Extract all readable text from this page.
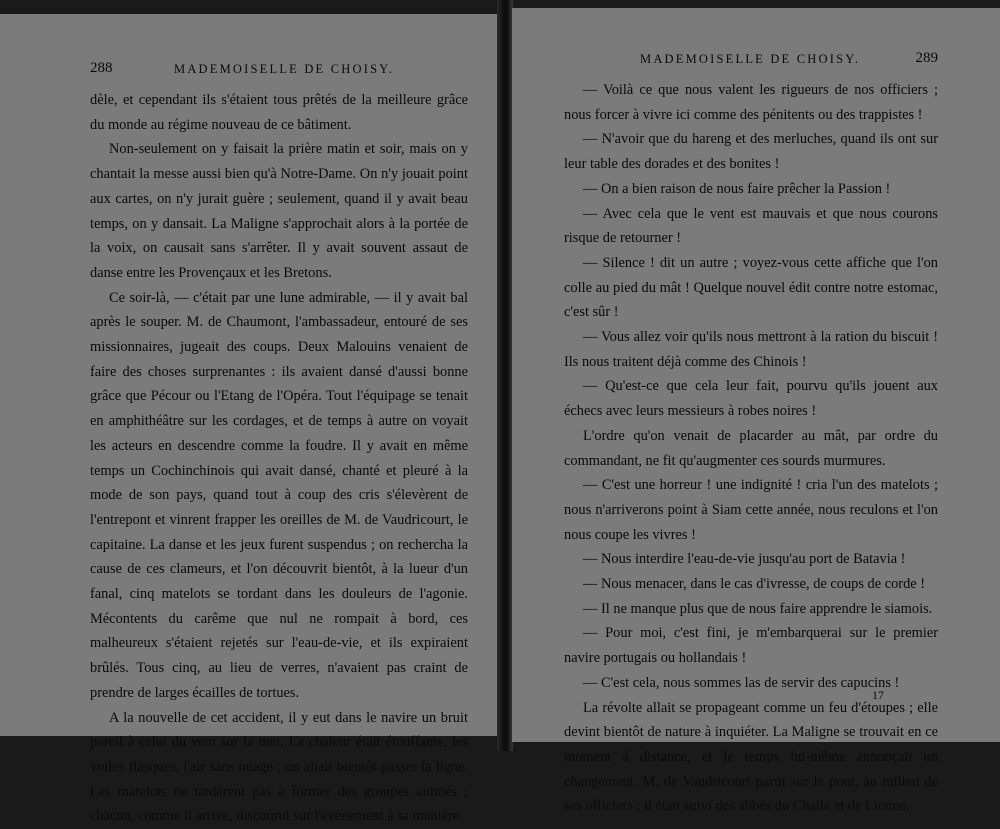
288	MADEMOISELLE DE CHOISY.

dèle, et cependant ils s'étaient tous prêtés de la meilleure grâce du monde au régime nouveau de ce bâtiment.

Non-seulement on y faisait la prière matin et soir, mais on y chantait la messe aussi bien qu'à Notre-Dame. On n'y jouait point aux cartes, on n'y jurait guère ; seulement, quand il y avait beau temps, on y dansait. La Maligne s'approchait alors à la portée de la voix, on causait sans s'arrêter. Il y avait souvent assaut de danse entre les Provençaux et les Bretons.

Ce soir-là, — c'était par une lune admirable, — il y avait bal après le souper. M. de Chaumont, l'ambassadeur, entouré de ses missionnaires, jugeait des coups. Deux Malouins venaient de faire des choses surprenantes : ils avaient dansé d'aussi bonne grâce que Pécour ou l'Etang de l'Opéra. Tout l'équipage se tenait en amphithéâtre sur les cordages, et de temps à autre on voyait les acteurs en descendre comme la foudre. Il y avait en même temps un Cochinchinois qui avait dansé, chanté et pleuré à la mode de son pays, quand tout à coup des cris s'élevèrent de l'entrepont et vinrent frapper les oreilles de M. de Vaudricourt, le capitaine. La danse et les jeux furent suspendus ; on rechercha la cause de ces clameurs, et l'on découvrit bientôt, à la lueur d'un fanal, cinq matelots se tordant dans les douleurs de l'agonie. Mécontents du carême que nul ne rompait à bord, ces malheureux s'étaient rejetés sur l'eau-de-vie, et ils expiraient brûlés. Tous cinq, au lieu de verres, n'avaient pas craint de prendre de larges écailles de tortues.

A la nouvelle de cet accident, il y eut dans le navire un bruit pareil à celui du vent sur la mer. La chaleur était étouffante, les voiles flasques, l'air sans nuage ; on allait bientôt passer la ligne. Les matelots ne tardèrent pas à former des groupes animés ; chacun, comme il arrive, discourut sur l'événement à sa manière.

MADEMOISELLE DE CHOISY.	289

— Voilà ce que nous valent les rigueurs de nos officiers ; nous forcer à vivre ici comme des pénitents ou des trappistes !

— N'avoir que du hareng et des merluches, quand ils ont sur leur table des dorades et des bonites !

— On a bien raison de nous faire prêcher la Passion !

— Avec cela que le vent est mauvais et que nous courons risque de retourner !

— Silence ! dit un autre ; voyez-vous cette affiche que l'on colle au pied du mât ! Quelque nouvel édit contre notre estomac, c'est sûr !

— Vous allez voir qu'ils nous mettront à la ration du biscuit ! Ils nous traitent déjà comme des Chinois !

— Qu'est-ce que cela leur fait, pourvu qu'ils jouent aux échecs avec leurs messieurs à robes noires !

L'ordre qu'on venait de placarder au mât, par ordre du commandant, ne fit qu'augmenter ces sourds murmures.

— C'est une horreur ! une indignité ! cria l'un des matelots ; nous n'arriverons point à Siam cette année, nous reculons et l'on nous coupe les vivres !

— Nous interdire l'eau-de-vie jusqu'au port de Batavia !

— Nous menacer, dans le cas d'ivresse, de coups de corde !

— Il ne manque plus que de nous faire apprendre le siamois.

— Pour moi, c'est fini, je m'embarquerai sur le premier navire portugais ou hollandais !

— C'est cela, nous sommes las de servir des capucins !

La révolte allait se propageant comme un feu d'étoupes ; elle devint bientôt de nature à inquiéter. La Maligne se trouvait en ce moment à distance, et le temps lui-même annonçait un changement. M. de Vaudricourt parut sur le pont, au milieu de ses officiers ; il était suivi des abbés du Chaila et de Lionne.

17
